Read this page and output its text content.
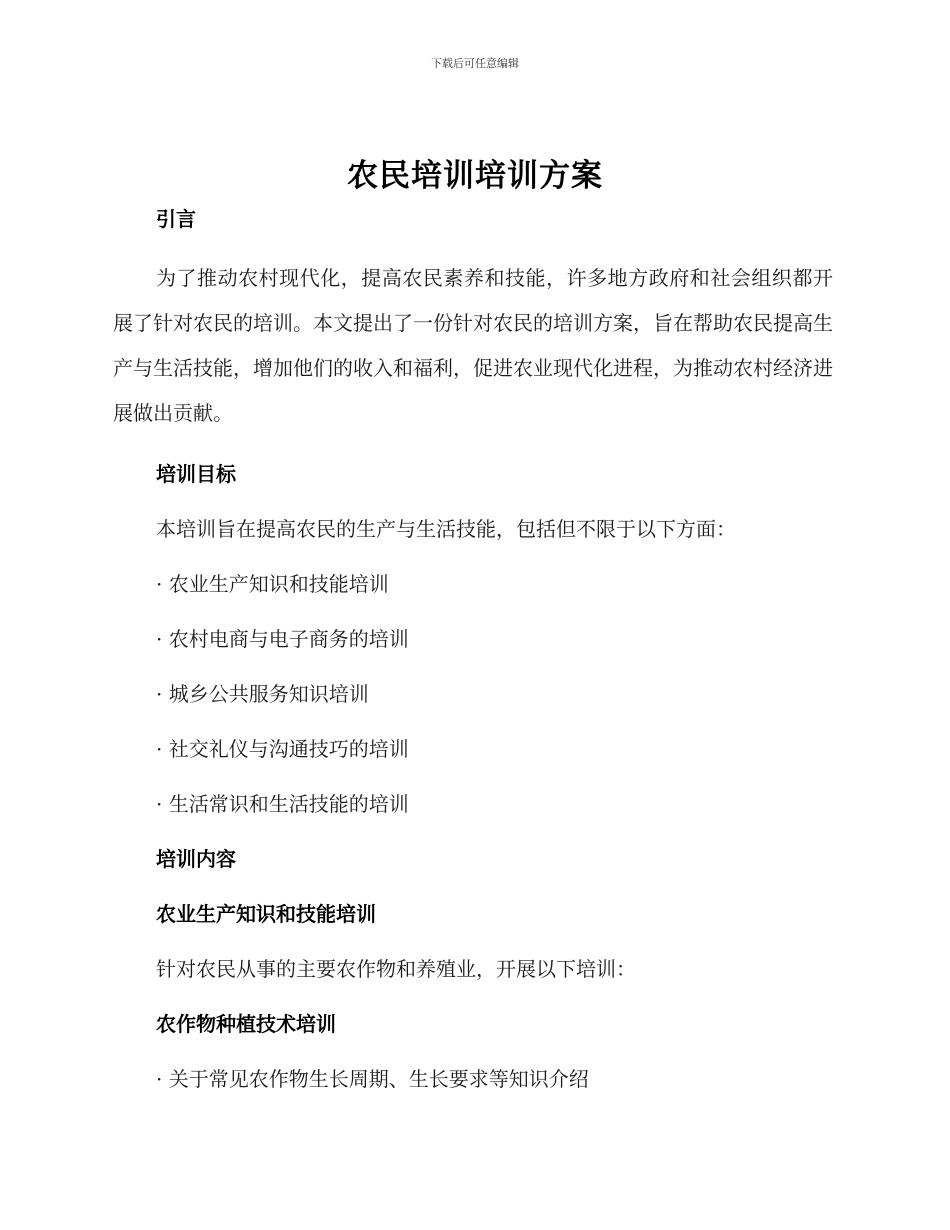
下载后可任意编辑
农民培训培训方案

引言

为了推动农村现代化，提高农民素养和技能，许多地方政府和社会组织都开展了针对农民的培训。本文提出了一份针对农民的培训方案，旨在帮助农民提高生产与生活技能，增加他们的收入和福利，促进农业现代化进程，为推动农村经济进展做出贡献。

培训目标

本培训旨在提高农民的生产与生活技能，包括但不限于以下方面：

· 农业生产知识和技能培训

· 农村电商与电子商务的培训

· 城乡公共服务知识培训

· 社交礼仪与沟通技巧的培训

· 生活常识和生活技能的培训

培训内容

农业生产知识和技能培训

针对农民从事的主要农作物和养殖业，开展以下培训：

农作物种植技术培训

· 关于常见农作物生长周期、生长要求等知识介绍
